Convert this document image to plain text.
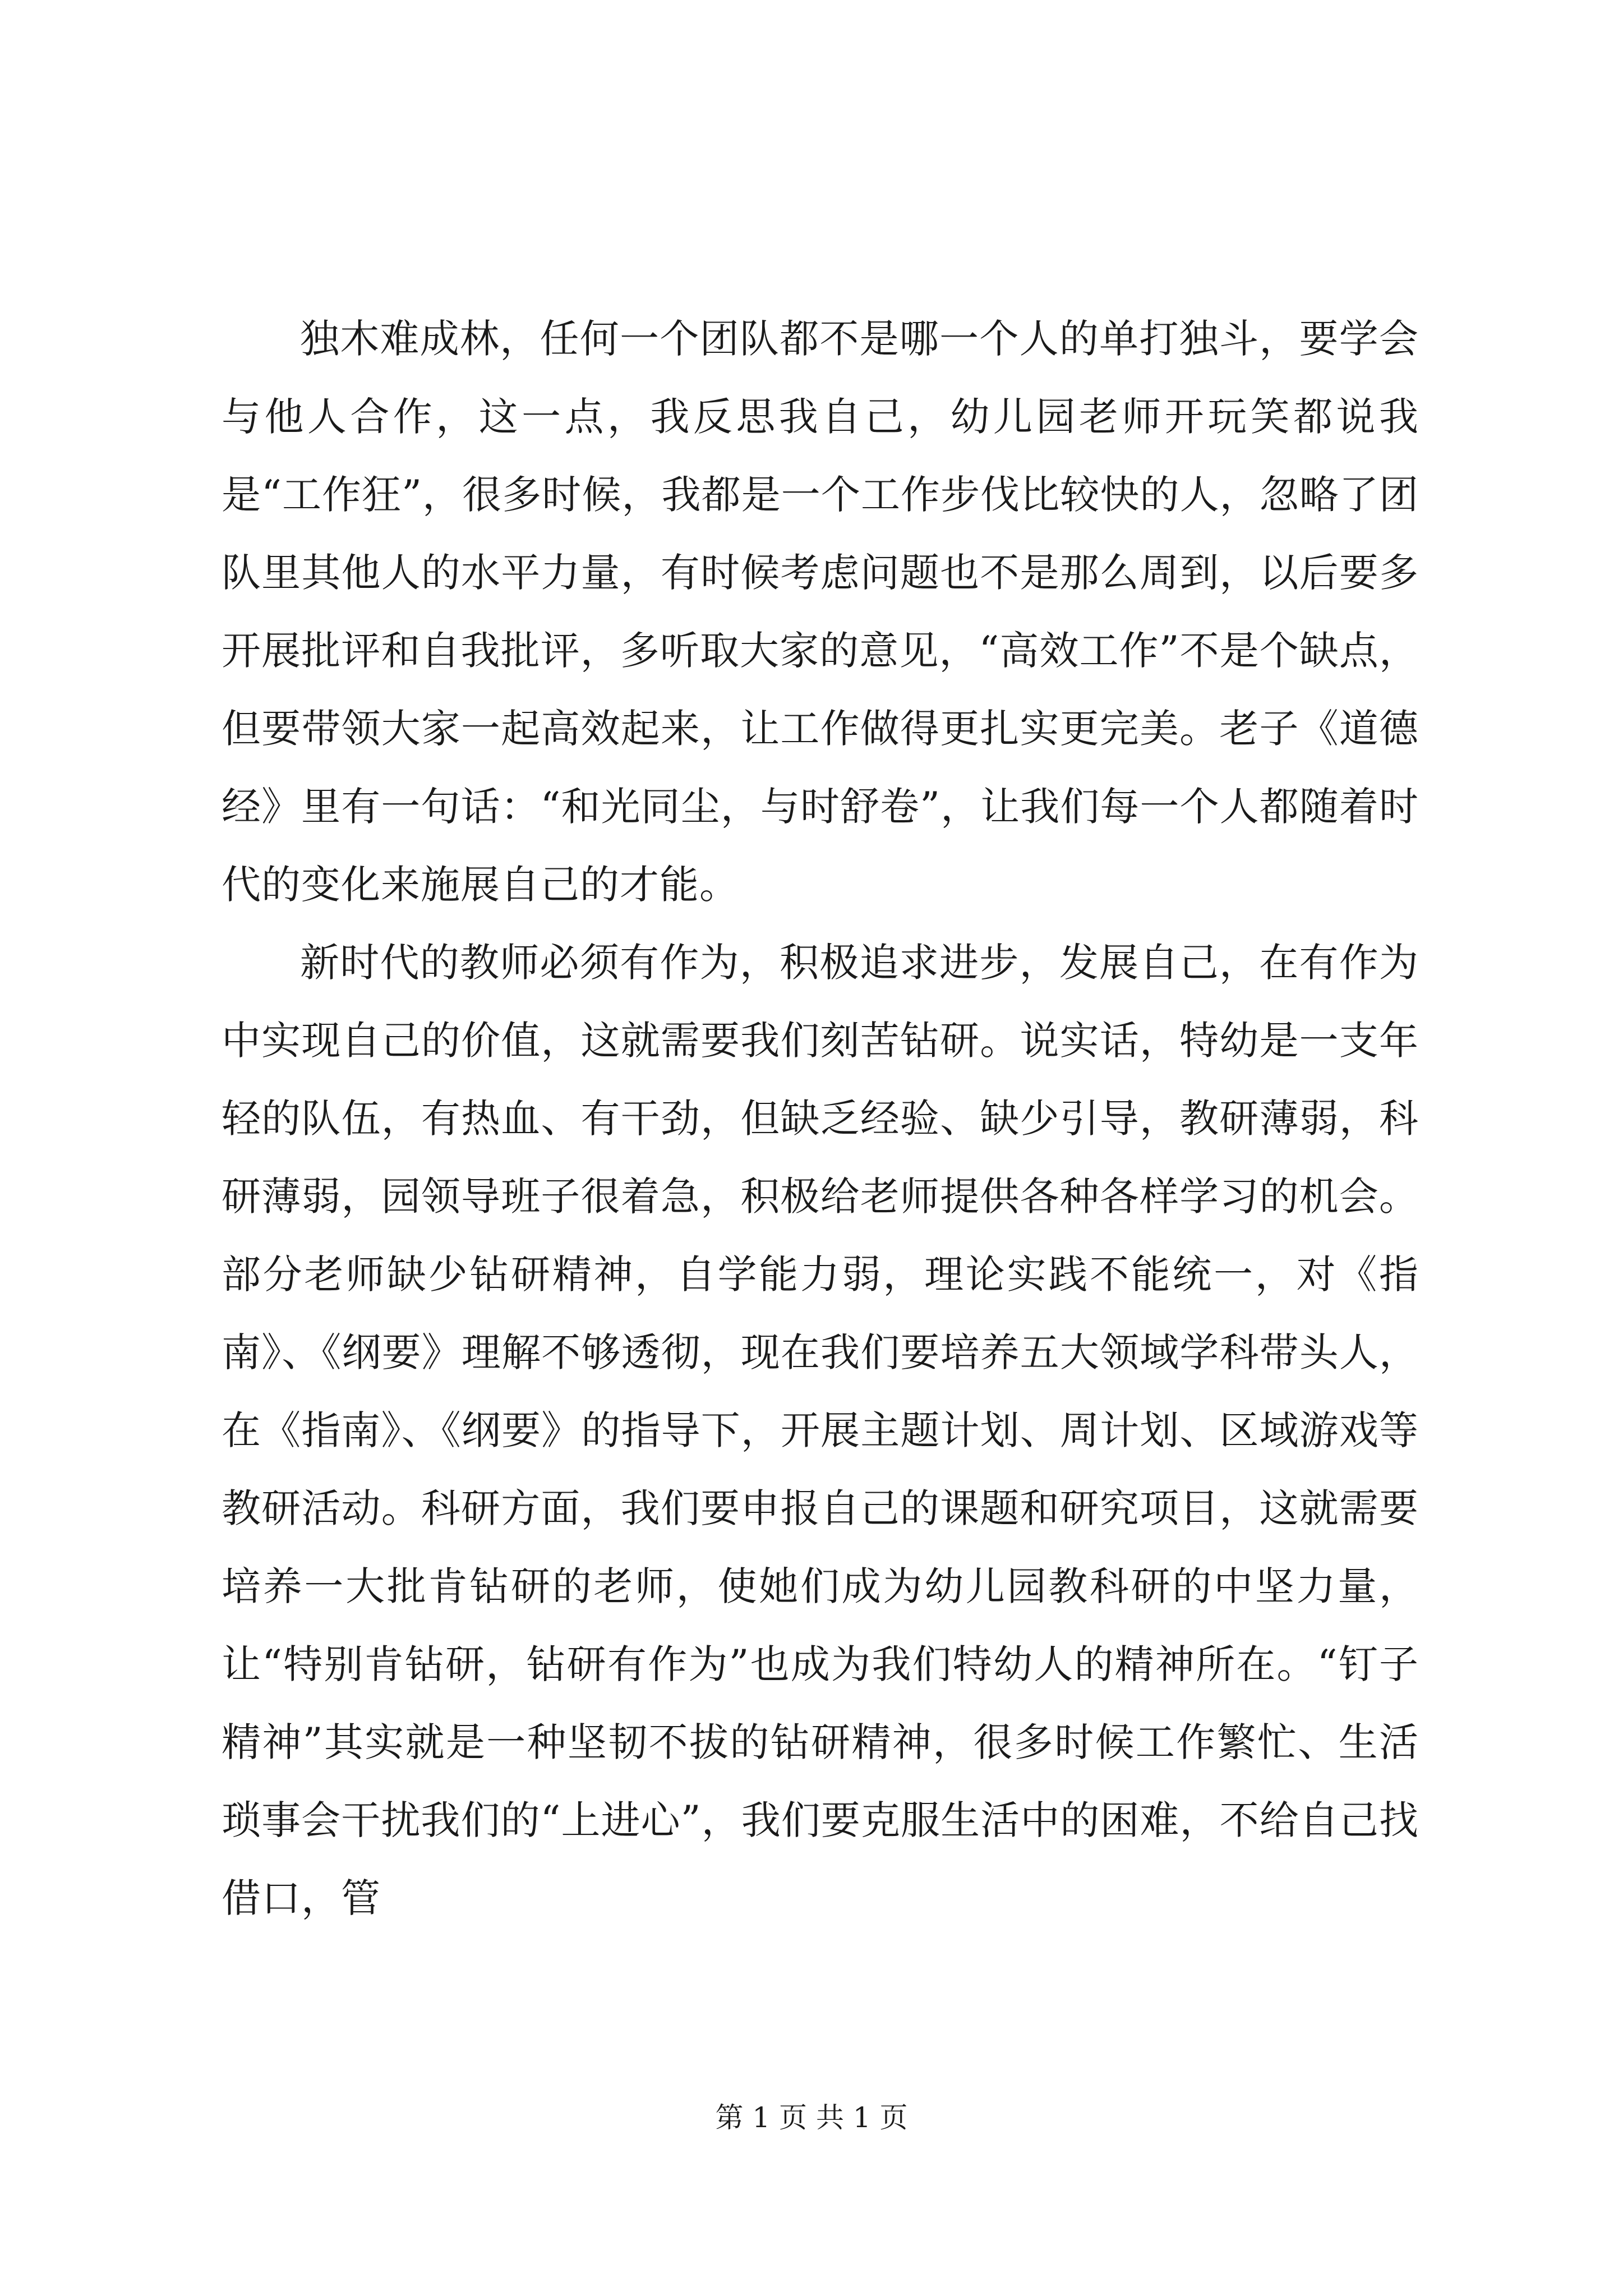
独木难成林，任何一个团队都不是哪一个人的单打独斗，要学会与他人合作，这一点，我反思我自己，幼儿园老师开玩笑都说我是“工作狂”，很多时候，我都是一个工作步伐比较快的人，忽略了团队里其他人的水平力量，有时候考虑问题也不是那么周到，以后要多开展批评和自我批评，多听取大家的意见，“高效工作”不是个缺点，但要带领大家一起高效起来，让工作做得更扎实更完美。老子《道德经》里有一句话：“和光同尘，与时舒卷”，让我们每一个人都随着时代的变化来施展自己的才能。

新时代的教师必须有作为，积极追求进步，发展自己，在有作为中实现自己的价值，这就需要我们刻苦钻研。说实话，特幼是一支年轻的队伍，有热血、有干劲，但缺乏经验、缺少引导，教研薄弱，科研薄弱，园领导班子很着急，积极给老师提供各种各样学习的机会。部分老师缺少钻研精神，自学能力弱，理论实践不能统一，对《指南》、《纲要》理解不够透彻，现在我们要培养五大领域学科带头人，在《指南》、《纲要》的指导下，开展主题计划、周计划、区域游戏等教研活动。科研方面，我们要申报自己的课题和研究项目，这就需要培养一大批肯钻研的老师，使她们成为幼儿园教科研的中坚力量，让“特别肯钻研，钻研有作为”也成为我们特幼人的精神所在。“钉子精神”其实就是一种坚韧不拔的钻研精神，很多时候工作繁忙、生活琐事会干扰我们的“上进心”，我们要克服生活中的困难，不给自己找借口，管

第 1 页 共 1 页
